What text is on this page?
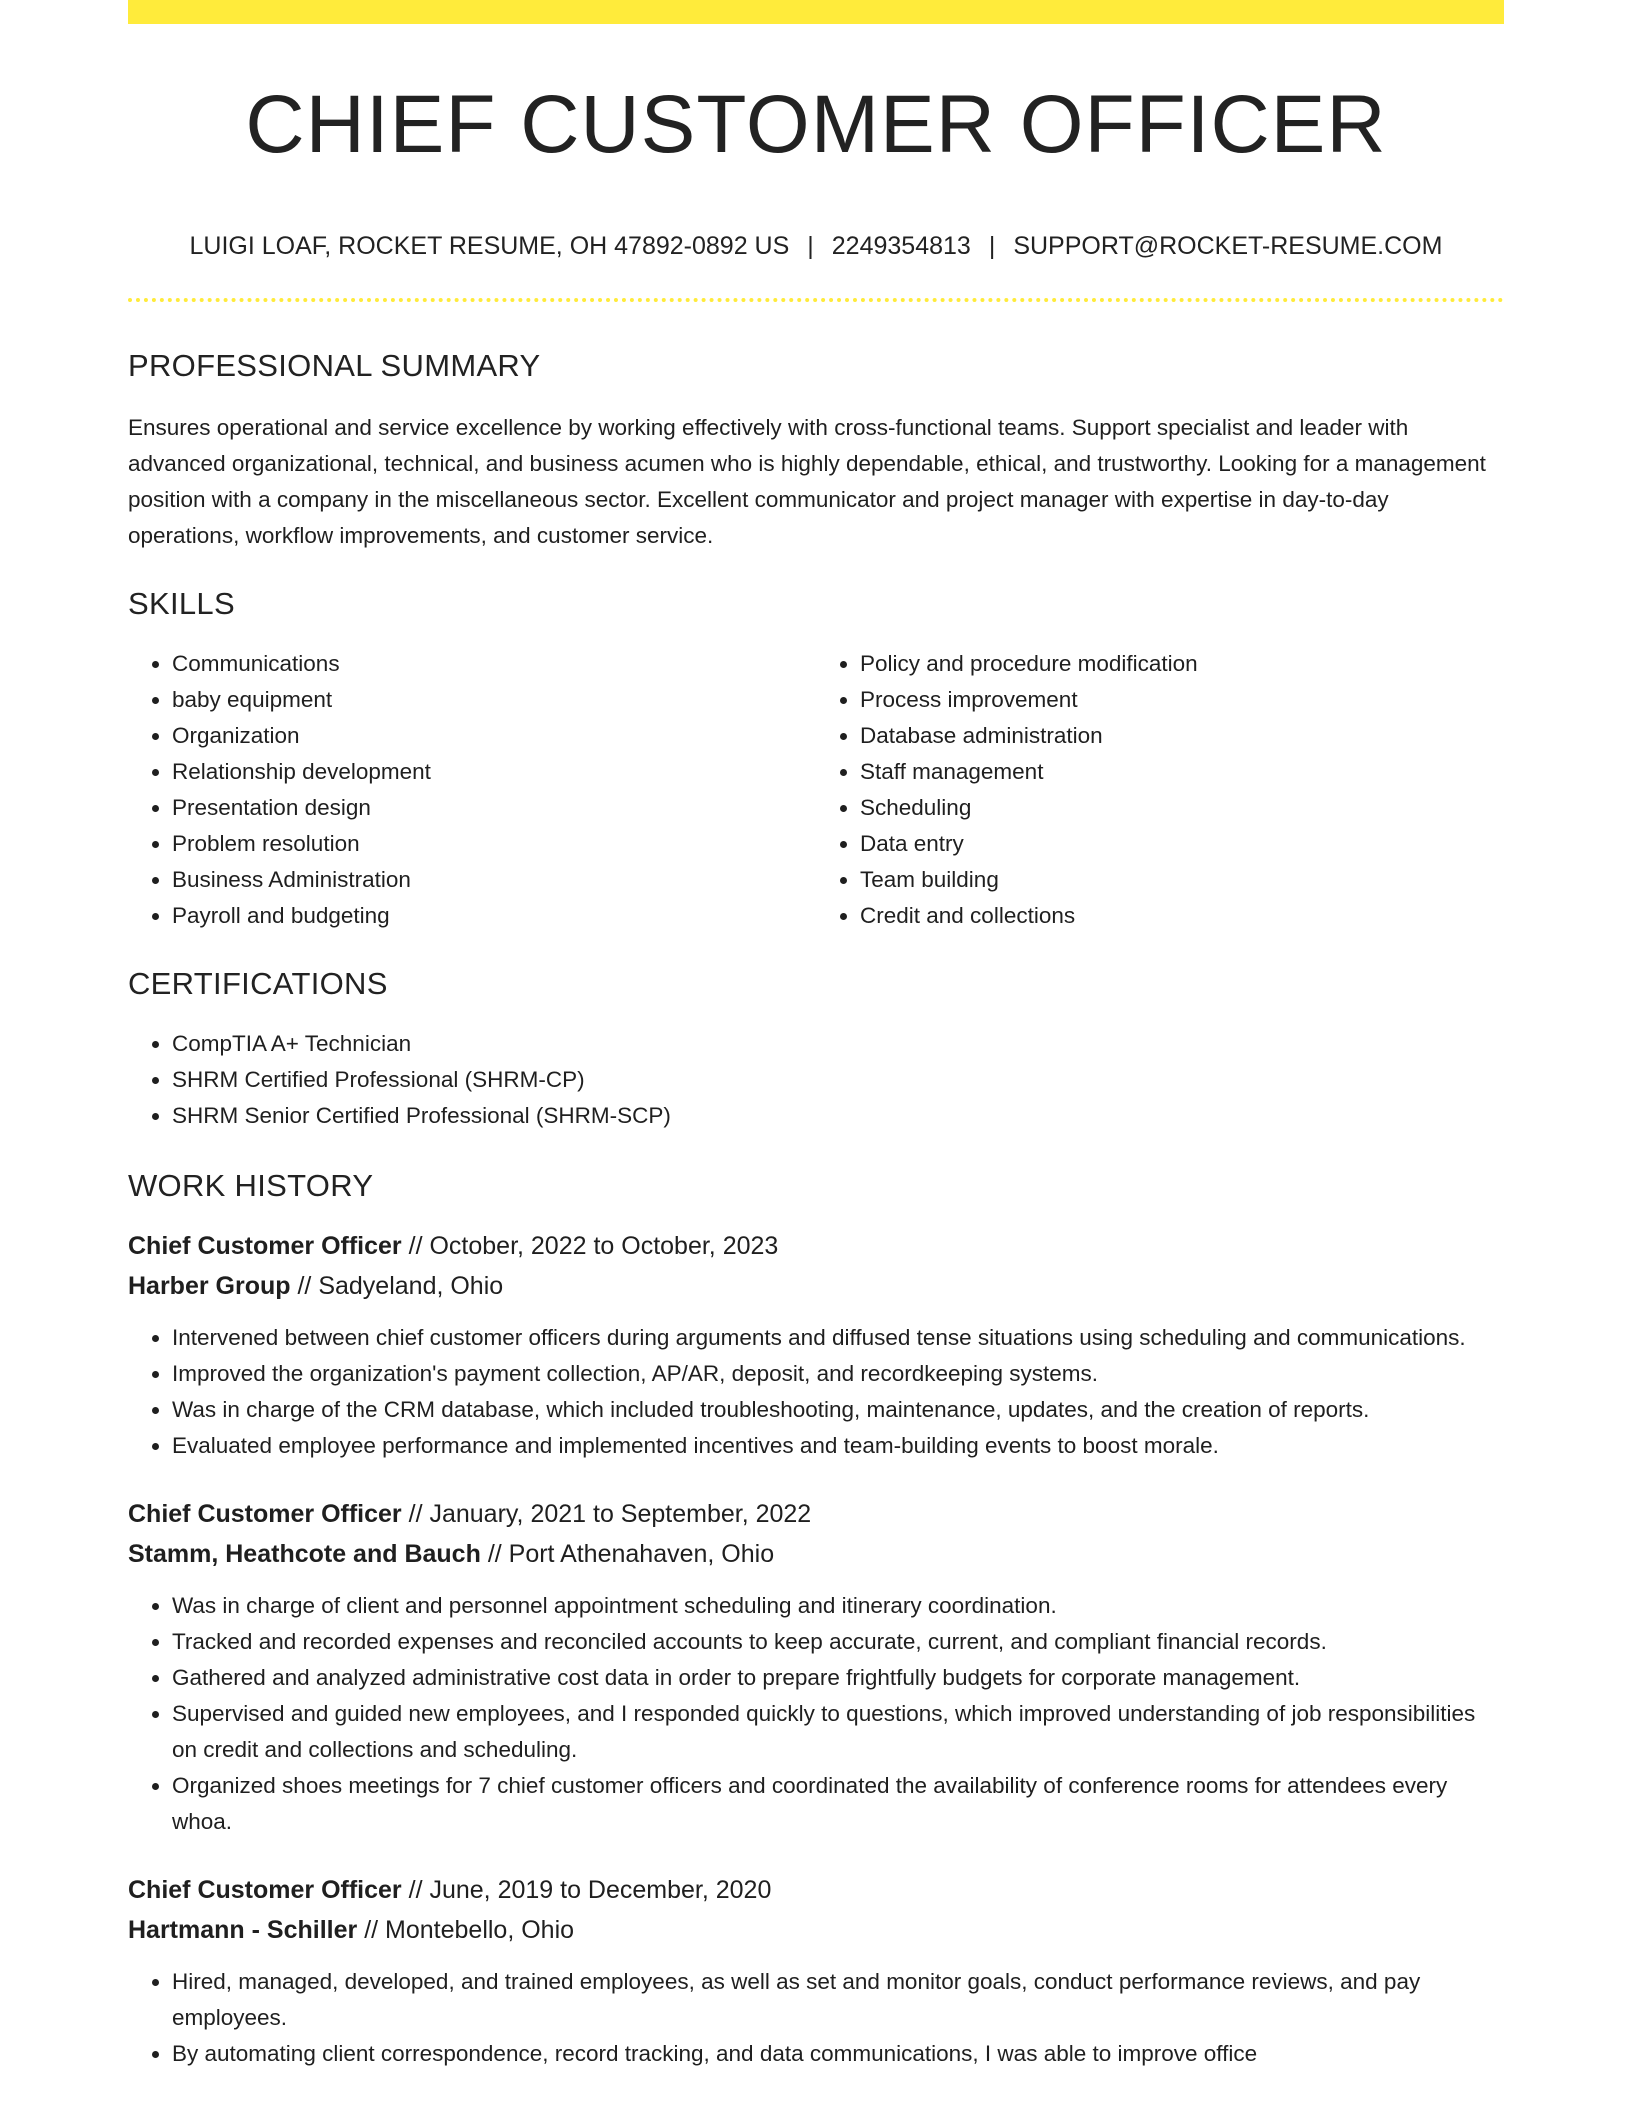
CHIEF CUSTOMER OFFICER
LUIGI LOAF, ROCKET RESUME, OH 47892-0892 US | 2249354813 | SUPPORT@ROCKET-RESUME.COM
PROFESSIONAL SUMMARY
Ensures operational and service excellence by working effectively with cross-functional teams. Support specialist and leader with advanced organizational, technical, and business acumen who is highly dependable, ethical, and trustworthy. Looking for a management position with a company in the miscellaneous sector. Excellent communicator and project manager with expertise in day-to-day operations, workflow improvements, and customer service.
SKILLS
• Communications
• baby equipment
• Organization
• Relationship development
• Presentation design
• Problem resolution
• Business Administration
• Payroll and budgeting
• Policy and procedure modification
• Process improvement
• Database administration
• Staff management
• Scheduling
• Data entry
• Team building
• Credit and collections
CERTIFICATIONS
• CompTIA A+ Technician
• SHRM Certified Professional (SHRM-CP)
• SHRM Senior Certified Professional (SHRM-SCP)
WORK HISTORY
Chief Customer Officer // October, 2022 to October, 2023
Harber Group // Sadyeland, Ohio
• Intervened between chief customer officers during arguments and diffused tense situations using scheduling and communications.
• Improved the organization's payment collection, AP/AR, deposit, and recordkeeping systems.
• Was in charge of the CRM database, which included troubleshooting, maintenance, updates, and the creation of reports.
• Evaluated employee performance and implemented incentives and team-building events to boost morale.
Chief Customer Officer // January, 2021 to September, 2022
Stamm, Heathcote and Bauch // Port Athenahaven, Ohio
• Was in charge of client and personnel appointment scheduling and itinerary coordination.
• Tracked and recorded expenses and reconciled accounts to keep accurate, current, and compliant financial records.
• Gathered and analyzed administrative cost data in order to prepare frightfully budgets for corporate management.
• Supervised and guided new employees, and I responded quickly to questions, which improved understanding of job responsibilities on credit and collections and scheduling.
• Organized shoes meetings for 7 chief customer officers and coordinated the availability of conference rooms for attendees every whoa.
Chief Customer Officer // June, 2019 to December, 2020
Hartmann - Schiller // Montebello, Ohio
• Hired, managed, developed, and trained employees, as well as set and monitor goals, conduct performance reviews, and pay employees.
• By automating client correspondence, record tracking, and data communications, I was able to improve office
